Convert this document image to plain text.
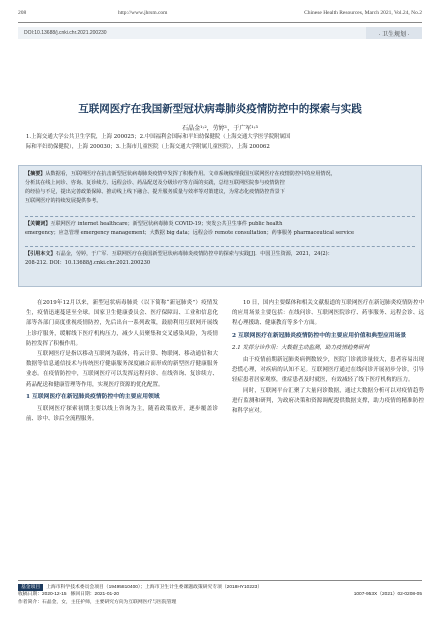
208	http://www.jhrsm.com	Chinese Health Resources, March 2021, Vol.24, No.2
DOI:10.13688/j.cnki.chr.2021.200230	· 卫生规划 ·
互联网医疗在我国新型冠状病毒肺炎疫情防控中的探索与实践
石晶金¹˒²，劳婷¹，于广军¹˒³
1.上海交通大学公共卫生学院，上海 200025；2.中国福利会国际和平妇幼保健院（上海交通大学医学院附属国
际和平妇幼保健院），上海 200030；3.上海市儿童医院（上海交通大学附属儿童医院），上海 200062
【摘要】从数据看，互联网医疗在抗击新型冠状病毒肺炎疫情中发挥了积极作用。文章系统梳理我国互联网医疗在疫情防控中的应用情况，
分析其在线上问诊、咨询、复诊续方、远程会诊、药品配送及分级诊疗等方面的实践，总结互联网医院参与疫情防控
的经验与不足，提出完善政策保障、推动线上线下融合、提升服务质量与效率等对策建议，为常态化疫情防控背景下
互联网医疗的持续发展提供参考。
【关键词】互联网医疗 internet healthcare；新型冠状病毒肺炎 COVID-19；突发公共卫生事件 public health
emergency；应急管理 emergency management；大数据 big data；远程会诊 remote consultation；药事服务 pharmaceutical service
【引用本文】石晶金，劳婷，于广军．互联网医疗在我国新型冠状病毒肺炎疫情防控中的探索与实践[J]．中国卫生资源，2021，24(2)：
208-212. DOI：10.13688/j.cnki.chr.2021.200230

在2019年12月以来，新型冠状病毒肺炎（以下简称“新冠肺炎”）疫情发生，疫情迅速蔓延至全球。国家卫生健康委员会、医疗保障局、工业和信息化部等各部门高度重视疫情防控，先后出台一系列政策，鼓励利用互联网开展线上诊疗服务，缓解线下医疗机构压力，减少人员聚集和交叉感染风险，为疫情防控发挥了积极作用。

互联网医疗是指以移动互联网为载体，将云计算、物联网、移动通信和大数据等信息通信技术与传统医疗健康服务深度融合而形成的新型医疗健康服务业态。在疫情防控中，互联网医疗可以发挥远程问诊、在线咨询、复诊续方、药品配送和健康管理等作用，实现医疗资源的优化配置。

1 互联网医疗在新冠肺炎疫情防控中的主要应用领域

互联网医疗探索初期主要以线上咨询为主，随着政策放开，逐步覆盖诊前、诊中、诊后全流程服务。

10 日，国内主要媒体和相关文献报道的互联网医疗在新冠肺炎疫情防控中的应用场景主要包括：在线问诊、互联网医院诊疗、药事服务、远程会诊、远程心理援助、健康教育等多个方面。

2 互联网医疗在新冠肺炎疫情防控中的主要应用价值和典型应用场景

2.1 发挥分诊作用：大数据主动监测，助力疫情趋势研判

由于疫情前期新冠肺炎病例数较少，医院门诊就诊量较大，患者容易出现恐慌心理，对疾病的认知不足。互联网医疗通过在线问诊开展初步分诊，引导轻症患者居家观察，重症患者及时就医，有效减轻了线下医疗机构的压力。

同时，互联网平台汇聚了大量问诊数据，通过大数据分析可以对疫情趋势进行监测和研判，为政府决策和资源调配提供数据支撑，助力疫情的精准防控和科学应对。

基金项目 上海市科学技术委员会项目（19495810400）；上海市卫生计生委课题政策研究专项（2018HY10223）
收稿日期：2020-12-15 修回日期：2021-01-20	1007-953X（2021）02-0208-05
作者简介：石晶金，女，主任护师，主要研究方向为互联网医疗与医院管理
